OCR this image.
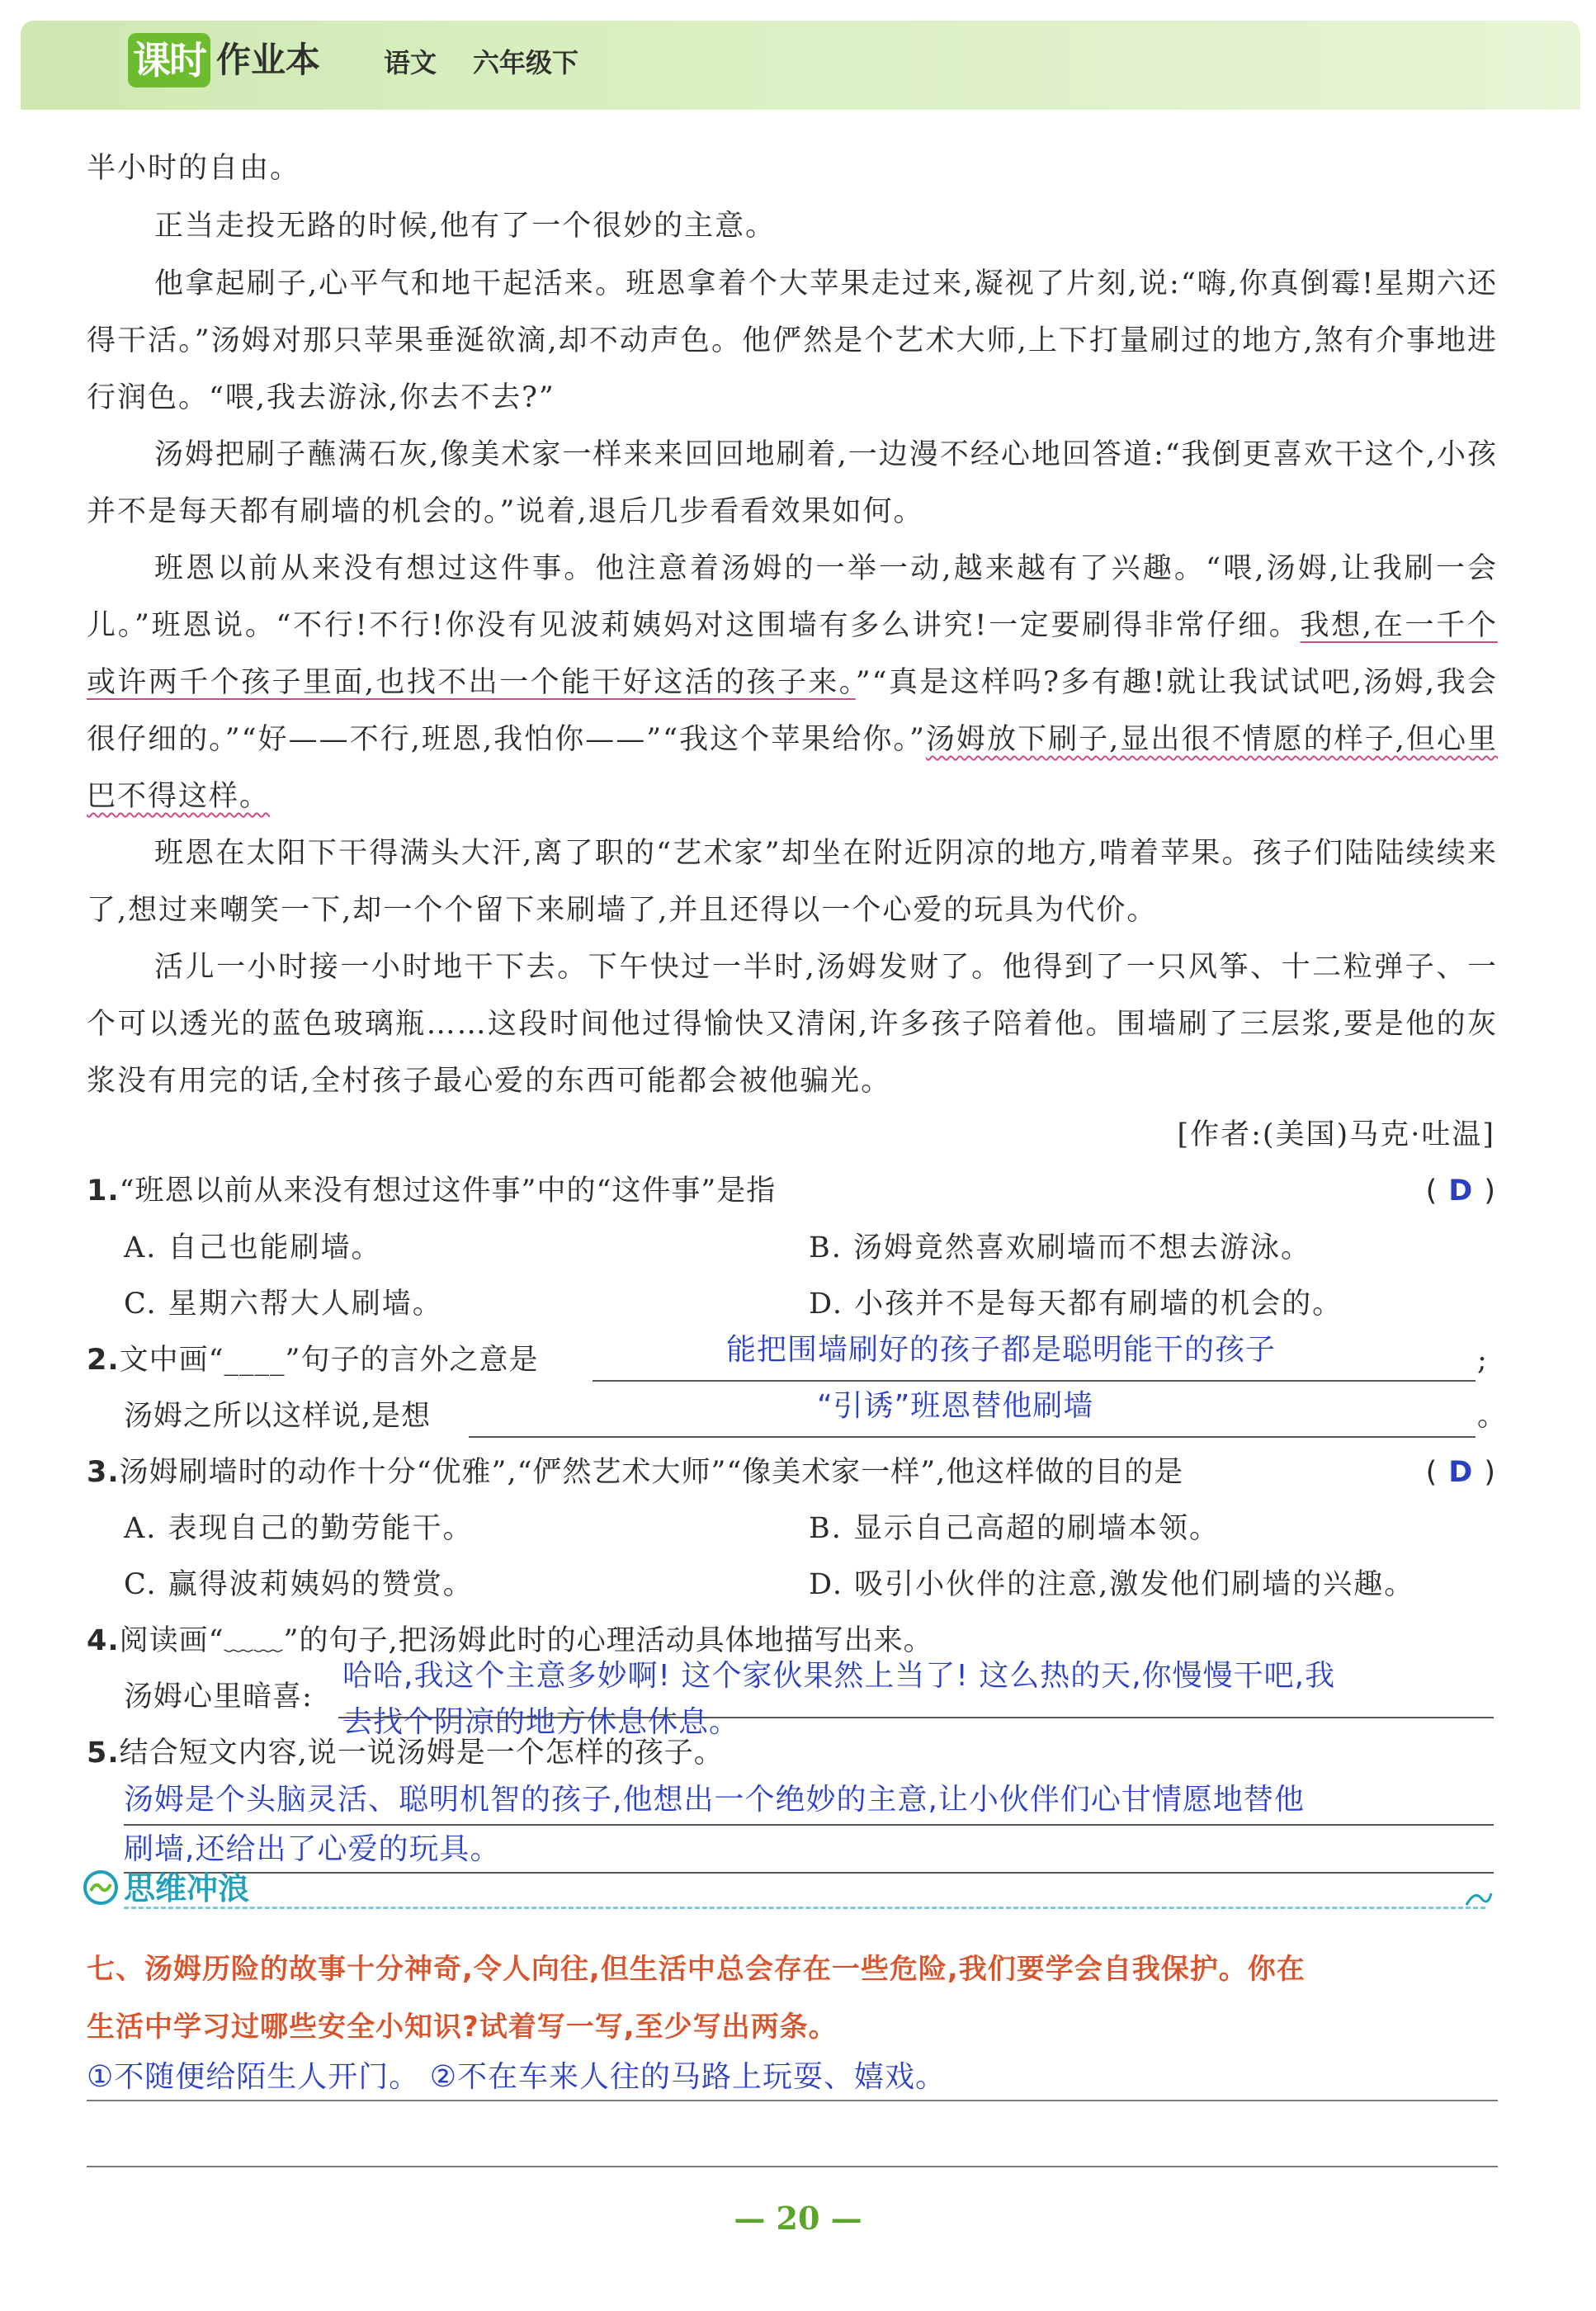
课时 作业本 语文 六年级下
半小时的自由。
正当走投无路的时候,他有了一个很妙的主意。
他拿起刷子,心平气和地干起活来。班恩拿着个大苹果走过来,凝视了片刻,说:“嗨,你真倒霉!星期六还得干活。”汤姆对那只苹果垂涎欲滴,却不动声色。他俨然是个艺术大师,上下打量刷过的地方,煞有介事地进行润色。“喂,我去游泳,你去不去?”
汤姆把刷子蘸满石灰,像美术家一样来来回回地刷着,一边漫不经心地回答道:“我倒更喜欢干这个,小孩并不是每天都有刷墙的机会的。”说着,退后几步看看效果如何。
班恩以前从来没有想过这件事。他注意着汤姆的一举一动,越来越有了兴趣。“喂,汤姆,让我刷一会儿。”班恩说。“不行!不行!你没有见波莉姨妈对这围墙有多么讲究!一定要刷得非常仔细。我想,在一千个或许两千个孩子里面,也找不出一个能干好这活的孩子来。”“真是这样吗?多有趣!就让我试试吧,汤姆,我会很仔细的。”“好——不行,班恩,我怕你——”“我这个苹果给你。”汤姆放下刷子,显出很不情愿的样子,但心里巴不得这样。
班恩在太阳下干得满头大汗,离了职的“艺术家”却坐在附近阴凉的地方,啃着苹果。孩子们陆陆续续来了,想过来嘲笑一下,却一个个留下来刷墙了,并且还得以一个心爱的玩具为代价。
活儿一小时接一小时地干下去。下午快过一半时,汤姆发财了。他得到了一只风筝、十二粒弹子、一个可以透光的蓝色玻璃瓶……这段时间他过得愉快又清闲,许多孩子陪着他。围墙刷了三层浆,要是他的灰浆没有用完的话,全村孩子最心爱的东西可能都会被他骗光。
[作者:(美国)马克·吐温]
1.“班恩以前从来没有想过这件事”中的“这件事”是指	( D )
A. 自己也能刷墙。	B. 汤姆竟然喜欢刷墙而不想去游泳。
C. 星期六帮大人刷墙。	D. 小孩并不是每天都有刷墙的机会的。
2.文中画“____”句子的言外之意是	能把围墙刷好的孩子都是聪明能干的孩子	;
汤姆之所以这样说,是想	“引诱”班恩替他刷墙	。
3.汤姆刷墙时的动作十分“优雅”,“俨然艺术大师”“像美术家一样”,他这样做的目的是	( D )
A. 表现自己的勤劳能干。	B. 显示自己高超的刷墙本领。
C. 赢得波莉姨妈的赞赏。	D. 吸引小伙伴的注意,激发他们刷墙的兴趣。
4.阅读画“﹏﹏”的句子,把汤姆此时的心理活动具体地描写出来。
汤姆心里暗喜:
哈哈,我这个主意多妙啊! 这个家伙果然上当了! 这么热的天,你慢慢干吧,我
去找个阴凉的地方休息休息。
5.结合短文内容,说一说汤姆是一个怎样的孩子。
汤姆是个头脑灵活、聪明机智的孩子,他想出一个绝妙的主意,让小伙伴们心甘情愿地替他
刷墙,还给出了心爱的玩具。
思维冲浪
七、汤姆历险的故事十分神奇,令人向往,但生活中总会存在一些危险,我们要学会自我保护。你在
生活中学习过哪些安全小知识?试着写一写,至少写出两条。
①不随便给陌生人开门。 ②不在车来人往的马路上玩耍、嬉戏。
— 20 —
